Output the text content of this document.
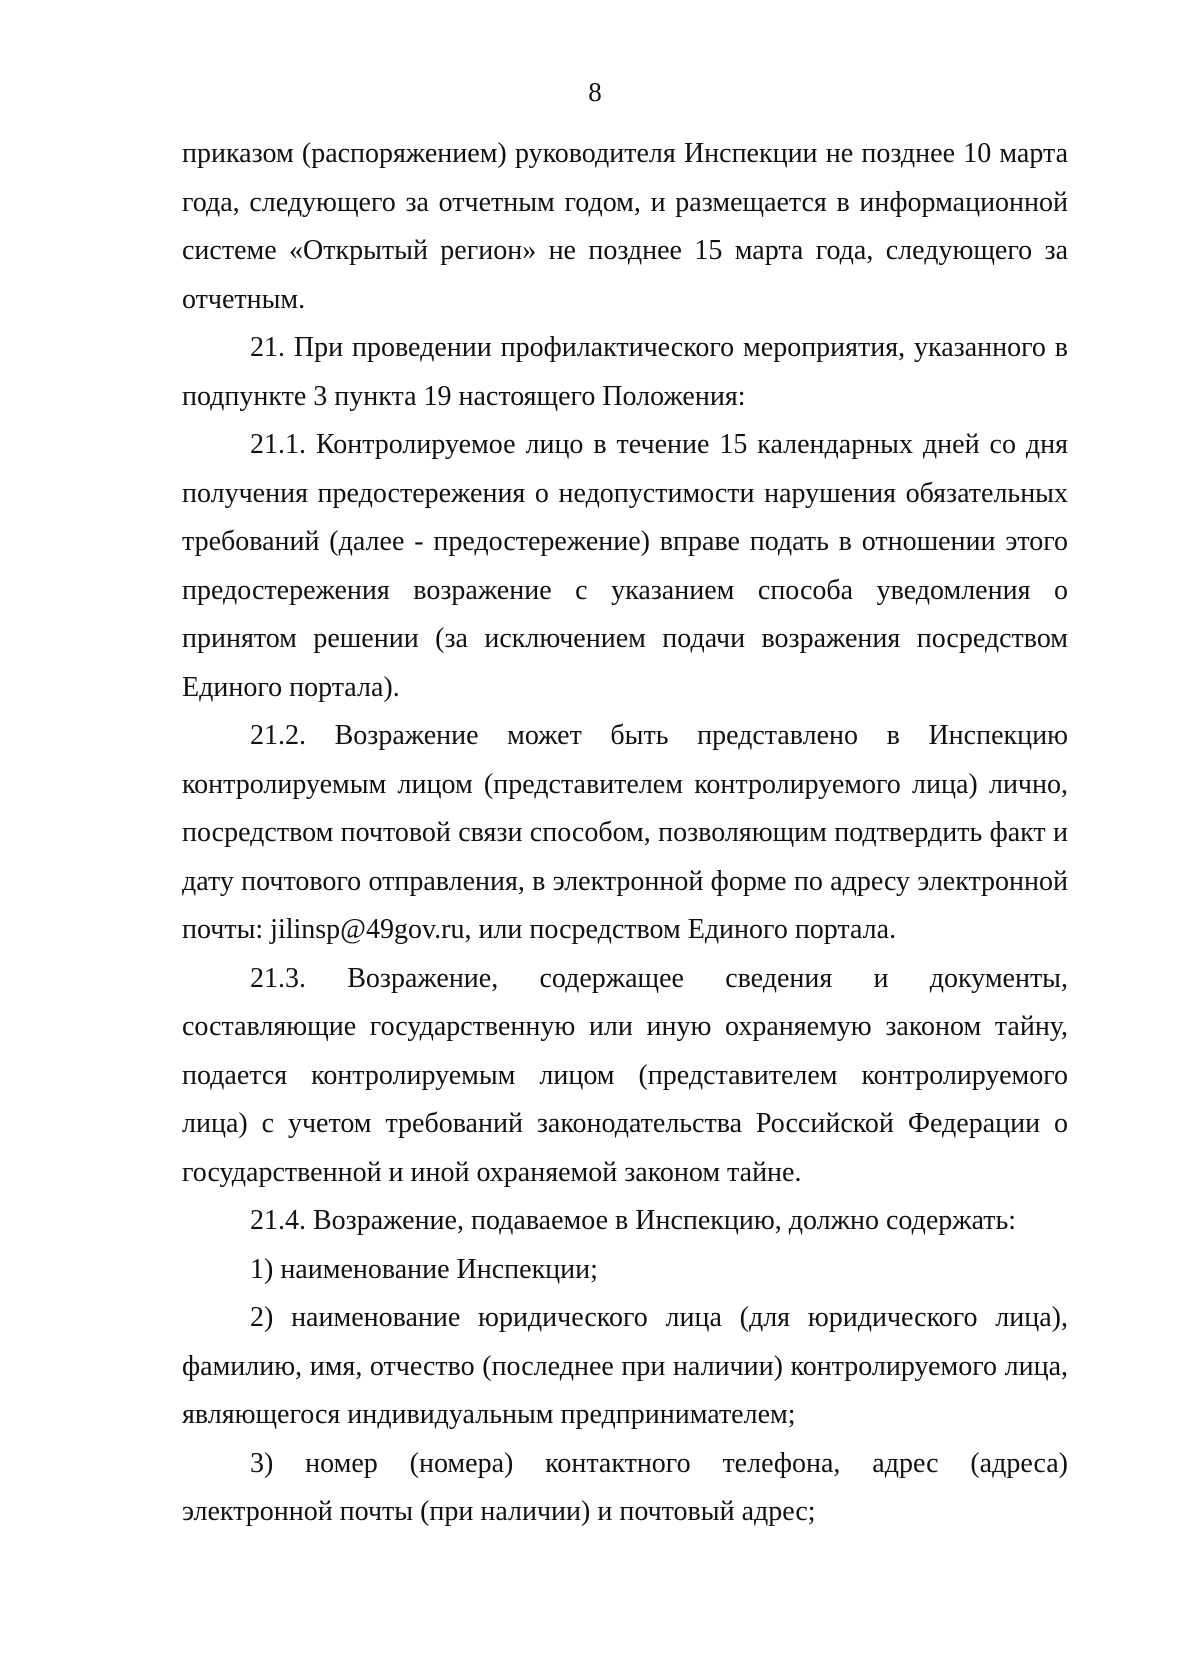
8

приказом (распоряжением) руководителя Инспекции не позднее 10 марта года, следующего за отчетным годом, и размещается в информационной системе «Открытый регион» не позднее 15 марта года, следующего за отчетным.

21. При проведении профилактического мероприятия, указанного в подпункте 3 пункта 19 настоящего Положения:

21.1. Контролируемое лицо в течение 15 календарных дней со дня получения предостережения о недопустимости нарушения обязательных требований (далее - предостережение) вправе подать в отношении этого предостережения возражение с указанием способа уведомления о принятом решении (за исключением подачи возражения посредством Единого портала).

21.2. Возражение может быть представлено в Инспекцию контролируемым лицом (представителем контролируемого лица) лично, посредством почтовой связи способом, позволяющим подтвердить факт и дату почтового отправления, в электронной форме по адресу электронной почты: jilinsp@49gov.ru, или посредством Единого портала.

21.3. Возражение, содержащее сведения и документы, составляющие государственную или иную охраняемую законом тайну, подается контролируемым лицом (представителем контролируемого лица) с учетом требований законодательства Российской Федерации о государственной и иной охраняемой законом тайне.

21.4. Возражение, подаваемое в Инспекцию, должно содержать:

1) наименование Инспекции;

2) наименование юридического лица (для юридического лица), фамилию, имя, отчество (последнее при наличии) контролируемого лица, являющегося индивидуальным предпринимателем;

3) номер (номера) контактного телефона, адрес (адреса) электронной почты (при наличии) и почтовый адрес;
